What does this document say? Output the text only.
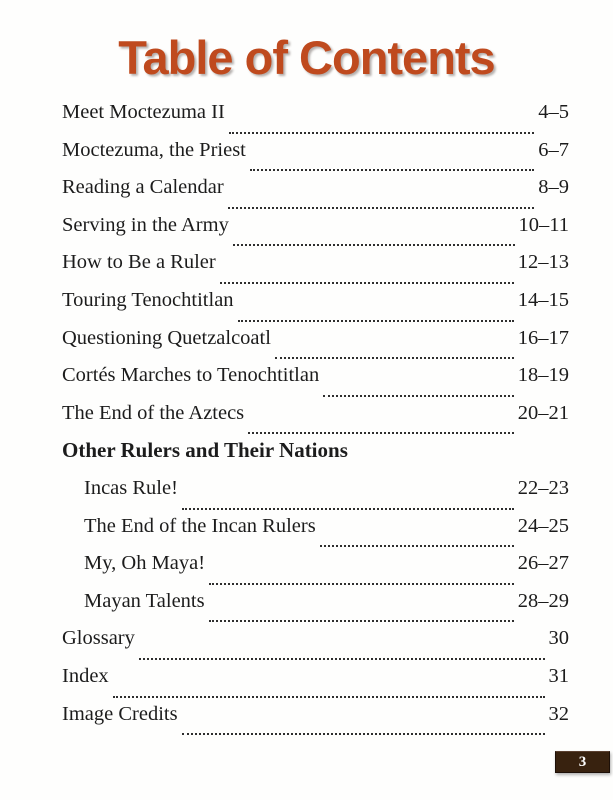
Table of Contents
Meet Moctezuma II	4–5
Moctezuma, the Priest	6–7
Reading a Calendar	8–9
Serving in the Army	10–11
How to Be a Ruler	12–13
Touring Tenochtitlan	14–15
Questioning Quetzalcoatl	16–17
Cortés Marches to Tenochtitlan	18–19
The End of the Aztecs	20–21
Other Rulers and Their Nations
Incas Rule!	22–23
The End of the Incan Rulers	24–25
My, Oh Maya!	26–27
Mayan Talents	28–29
Glossary	30
Index	31
Image Credits	32
3
